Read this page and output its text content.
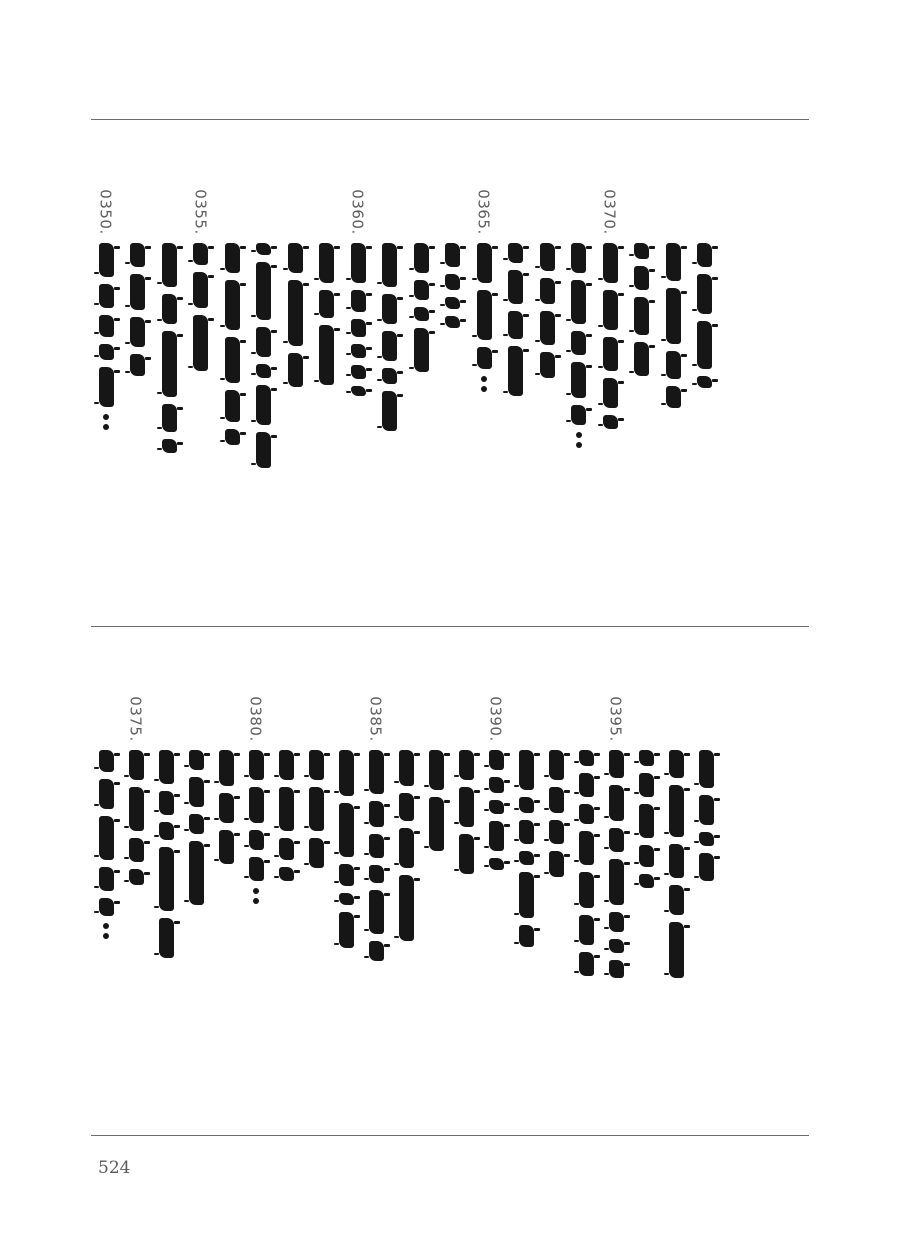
0350.	0355.	0360.	0365.	0370.
0375.	0380.	0385.	0390.	0395.

524
